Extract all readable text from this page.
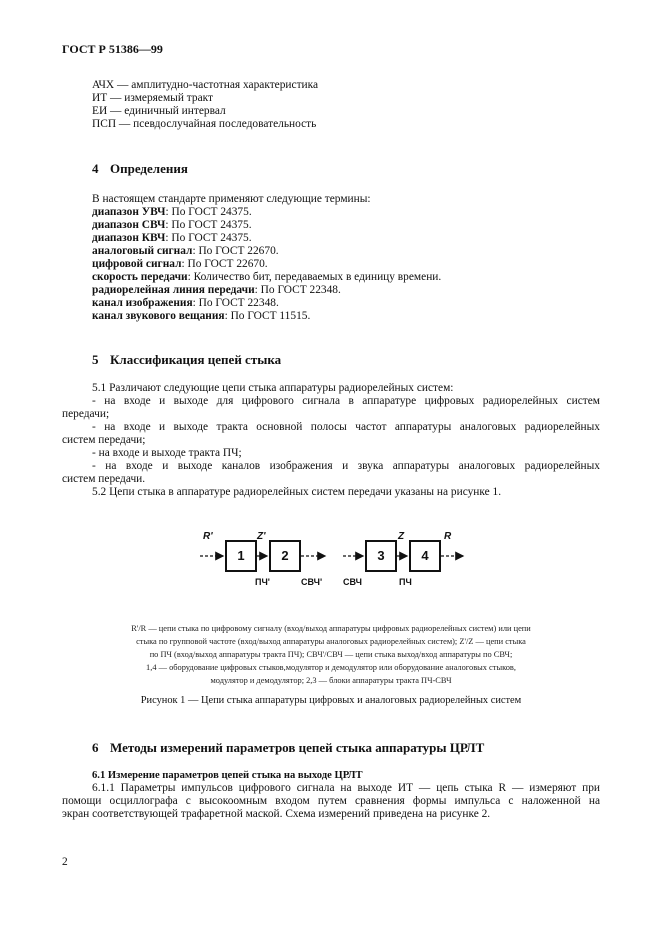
ГОСТ Р 51386—99
АЧХ — амплитудно-частотная характеристика
ИТ — измеряемый тракт
ЕИ — единичный интервал
ПСП — псевдослучайная последовательность
4 Определения
В настоящем стандарте применяют следующие термины:
диапазон УВЧ: По ГОСТ 24375.
диапазон СВЧ: По ГОСТ 24375.
диапазон КВЧ: По ГОСТ 24375.
аналоговый сигнал: По ГОСТ 22670.
цифровой сигнал: По ГОСТ 22670.
скорость передачи: Количество бит, передаваемых в единицу времени.
радиорелейная линия передачи: По ГОСТ 22348.
канал изображения: По ГОСТ 22348.
канал звукового вещания: По ГОСТ 11515.
5 Классификация цепей стыка
5.1 Различают следующие цепи стыка аппаратуры радиорелейных систем:
- на входе и выходе для цифрового сигнала в аппаратуре цифровых радиорелейных систем
передачи;
- на входе и выходе тракта основной полосы частот аппаратуры аналоговых радиорелейных
систем передачи;
- на входе и выходе тракта ПЧ;
- на входе и выходе каналов изображения и звука аппаратуры аналоговых радиорелейных
систем передачи.
5.2 Цепи стыка в аппаратуре радиорелейных систем передачи указаны на рисунке 1.
1	2	3	4
R'	Z'	Z	R
ПЧ'	СВЧ' СВЧ	ПЧ
R'/R — цепи стыка по цифровому сигналу (вход/выход аппаратуры цифровых радиорелейных систем) или цепи
стыка по групповой частоте (вход/выход аппаратуры аналоговых радиорелейных систем); Z'/Z — цепи стыка
по ПЧ (вход/выход аппаратуры тракта ПЧ); СВЧ'/СВЧ — цепи стыка выход/вход аппаратуры по СВЧ;
1,4 — оборудование цифровых стыков,модулятор и демодулятор или оборудование аналоговых стыков,
модулятор и демодулятор; 2,3 — блоки аппаратуры тракта ПЧ-СВЧ
Рисунок 1 — Цепи стыка аппаратуры цифровых и аналоговых радиорелейных систем
6 Методы измерений параметров цепей стыка аппаратуры ЦРЛТ
6.1 Измерение параметров цепей стыка на выходе ЦРЛТ
6.1.1 Параметры импульсов цифрового сигнала на выходе ИТ — цепь стыка R — измеряют при
помощи осциллографа с высокоомным входом путем сравнения формы импульса с наложенной на
экран соответствующей трафаретной маской. Схема измерений приведена на рисунке 2.
2
